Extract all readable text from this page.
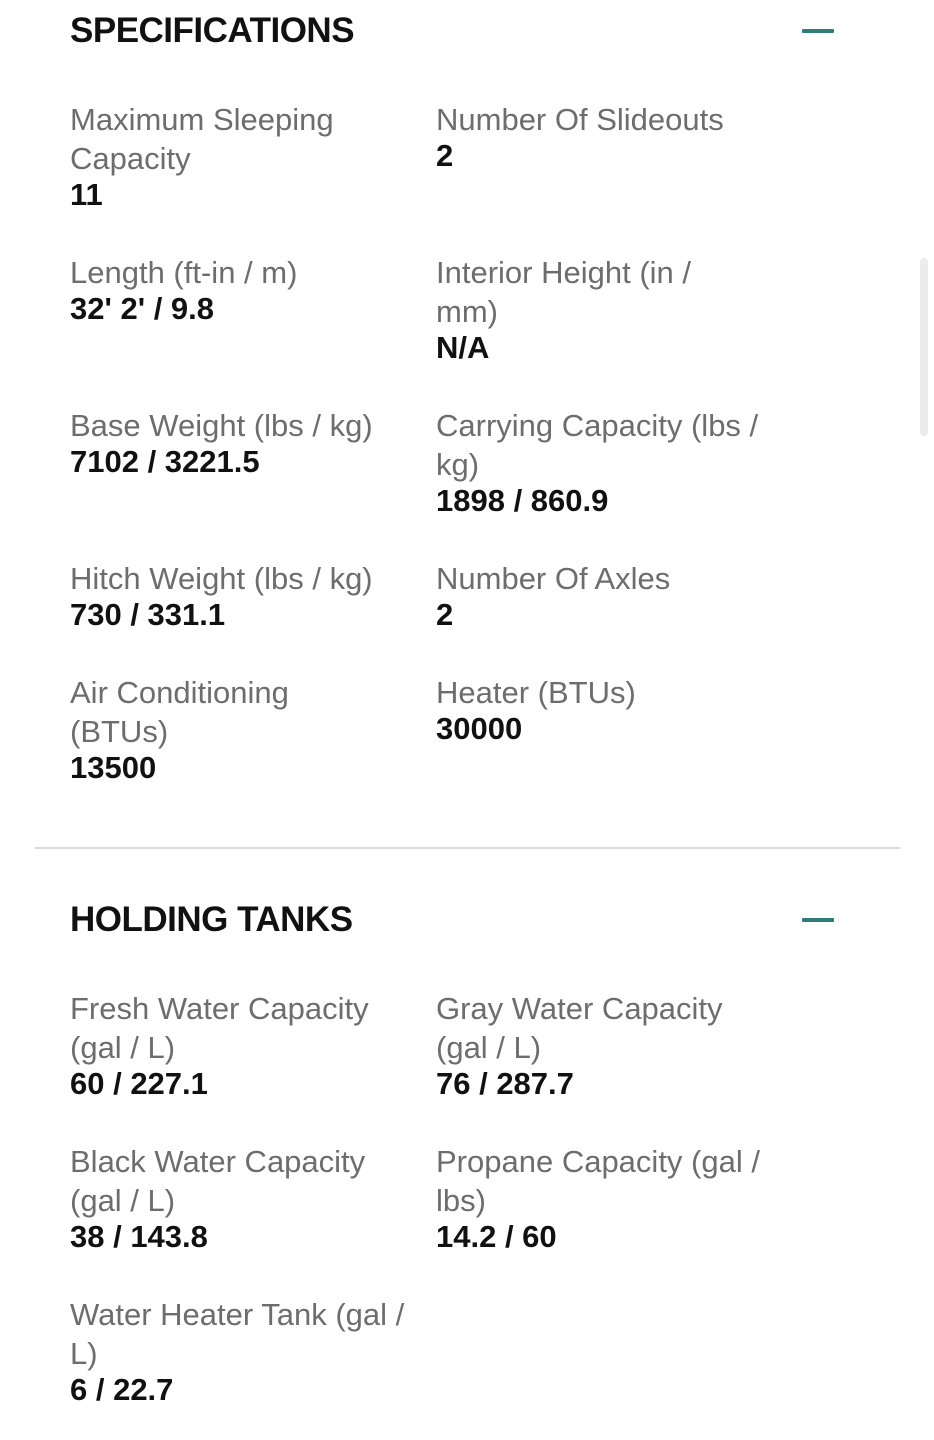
SPECIFICATIONS
Maximum Sleeping Capacity
11
Number Of Slideouts
2
Length (ft-in / m)
32' 2' / 9.8
Interior Height (in / mm)
N/A
Base Weight (lbs / kg)
7102 / 3221.5
Carrying Capacity (lbs / kg)
1898 / 860.9
Hitch Weight (lbs / kg)
730 / 331.1
Number Of Axles
2
Air Conditioning (BTUs)
13500
Heater (BTUs)
30000
HOLDING TANKS
Fresh Water Capacity (gal / L)
60 / 227.1
Gray Water Capacity (gal / L)
76 / 287.7
Black Water Capacity (gal / L)
38 / 143.8
Propane Capacity (gal / lbs)
14.2 / 60
Water Heater Tank (gal / L)
6 / 22.7
